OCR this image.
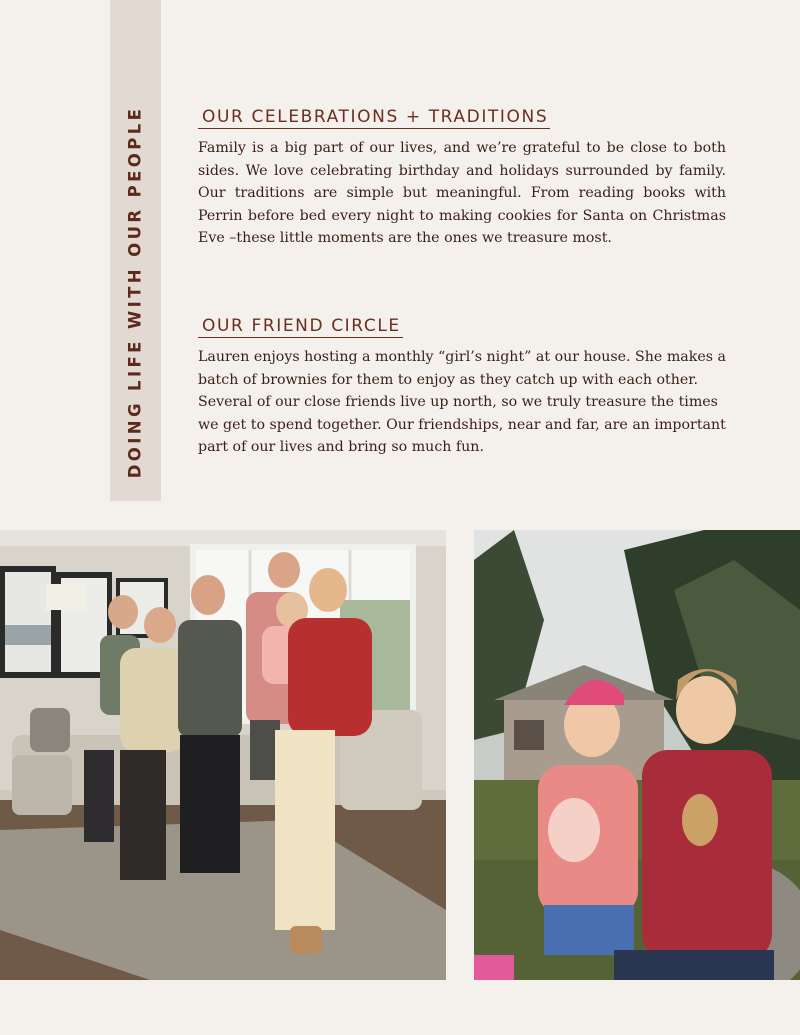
DOING LIFE WITH OUR PEOPLE	OUR CELEBRATIONS + TRADITIONS

Family is a big part of our lives, and we’re grateful to be close to both sides. We love celebrating birthday and holidays surrounded by family. Our traditions are simple but meaningful. From reading books with Perrin before bed every night to making cookies for Santa on Christmas Eve –these little moments are the ones we treasure most.

OUR FRIEND CIRCLE

Lauren enjoys hosting a monthly “girl’s night” at our house. She makes a batch of brownies for them to enjoy as they catch up with each other. Several of our close friends live up north, so we truly treasure the times we get to spend together. Our friendships, near and far, are an important part of our lives and bring so much fun.
